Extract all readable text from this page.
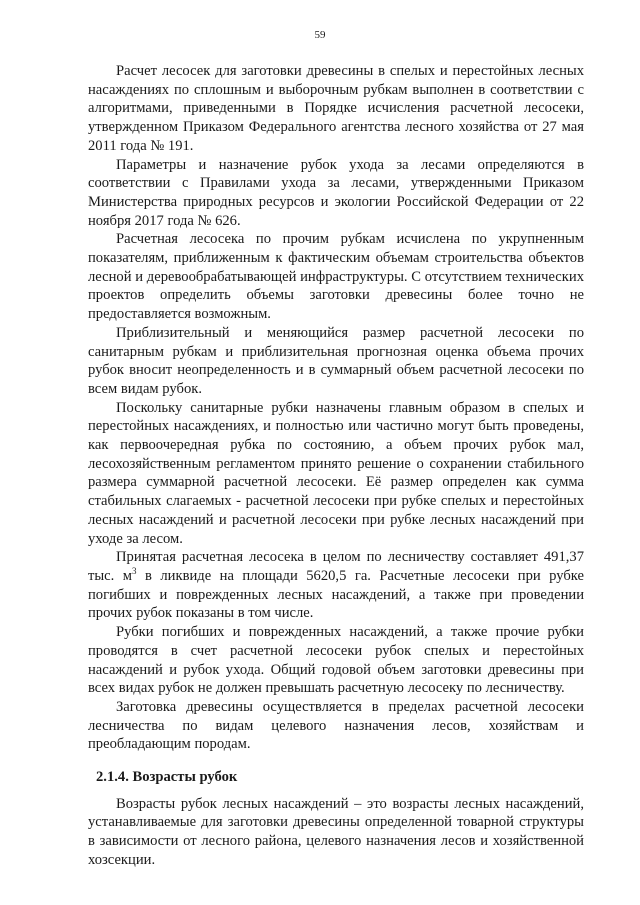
59

Расчет лесосек для заготовки древесины в спелых и перестойных лесных насаждениях по сплошным и выборочным рубкам выполнен в соответствии с алгоритмами, приведенными в Порядке исчисления расчетной лесосеки, утвержденном Приказом Федерального агентства лесного хозяйства от 27 мая 2011 года № 191.

Параметры и назначение рубок ухода за лесами определяются в соответствии с Правилами ухода за лесами, утвержденными Приказом Министерства природных ресурсов и экологии Российской Федерации от 22 ноября 2017 года № 626.

Расчетная лесосека по прочим рубкам исчислена по укрупненным показателям, приближенным к фактическим объемам строительства объектов лесной и деревообрабатывающей инфраструктуры. С отсутствием технических проектов определить объемы заготовки древесины более точно не предоставляется возможным.

Приблизительный и меняющийся размер расчетной лесосеки по санитарным рубкам и приблизительная прогнозная оценка объема прочих рубок вносит неопределенность и в суммарный объем расчетной лесосеки по всем видам рубок.

Поскольку санитарные рубки назначены главным образом в спелых и перестойных насаждениях, и полностью или частично могут быть проведены, как первоочередная рубка по состоянию, а объем прочих рубок мал, лесохозяйственным регламентом принято решение о сохранении стабильного размера суммарной расчетной лесосеки. Её размер определен как сумма стабильных слагаемых - расчетной лесосеки при рубке спелых и перестойных лесных насаждений и расчетной лесосеки при рубке лесных насаждений при уходе за лесом.

Принятая расчетная лесосека в целом по лесничеству составляет 491,37 тыс. $м^3$ в ликвиде на площади 5620,5 га. Расчетные лесосеки при рубке погибших и поврежденных лесных насаждений, а также при проведении прочих рубок показаны в том числе.

Рубки погибших и поврежденных насаждений, а также прочие рубки проводятся в счет расчетной лесосеки рубок спелых и перестойных насаждений и рубок ухода. Общий годовой объем заготовки древесины при всех видах рубок не должен превышать расчетную лесосеку по лесничеству.

Заготовка древесины осуществляется в пределах расчетной лесосеки лесничества по видам целевого назначения лесов, хозяйствам и преобладающим породам.

2.1.4. Возрасты рубок

Возрасты рубок лесных насаждений – это возрасты лесных насаждений, устанавливаемые для заготовки древесины определенной товарной структуры в зависимости от лесного района, целевого назначения лесов и хозяйственной хозсекции.
